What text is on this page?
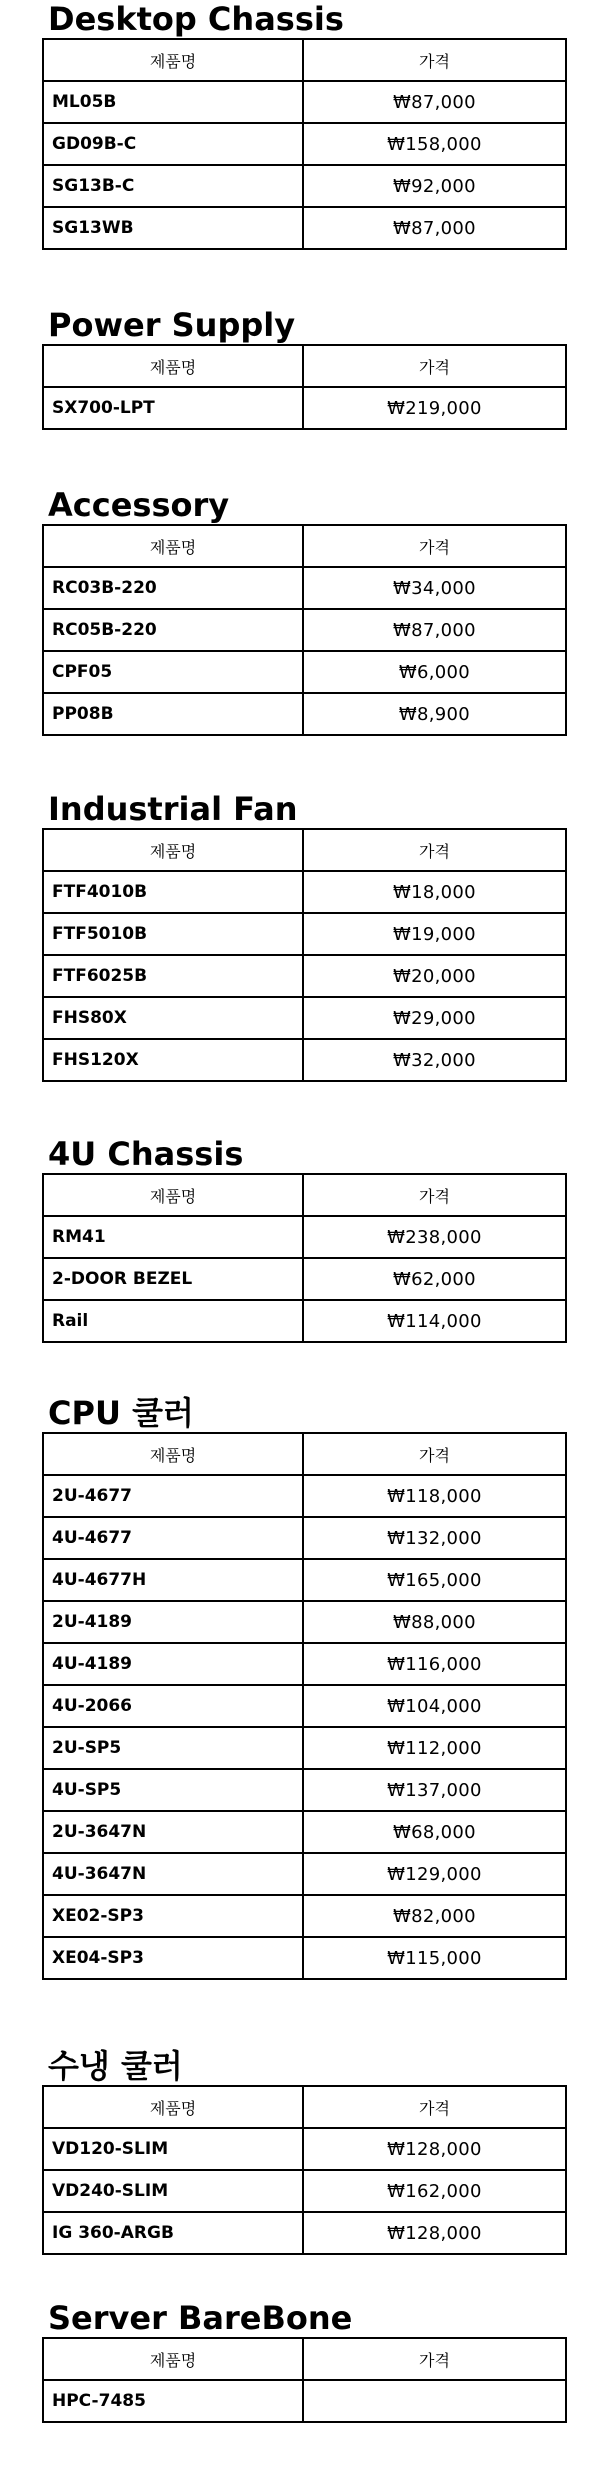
Desktop Chassis
제품명	가격
ML05B	₩87,000
GD09B-C	₩158,000
SG13B-C	₩92,000
SG13WB	₩87,000
Power Supply
제품명	가격
SX700-LPT	₩219,000
Accessory
제품명	가격
RC03B-220	₩34,000
RC05B-220	₩87,000
CPF05	₩6,000
PP08B	₩8,900
Industrial Fan
제품명	가격
FTF4010B	₩18,000
FTF5010B	₩19,000
FTF6025B	₩20,000
FHS80X	₩29,000
FHS120X	₩32,000
4U Chassis
제품명	가격
RM41	₩238,000
2-DOOR BEZEL	₩62,000
Rail	₩114,000
CPU 쿨러
제품명	가격
2U-4677	₩118,000
4U-4677	₩132,000
4U-4677H	₩165,000
2U-4189	₩88,000
4U-4189	₩116,000
4U-2066	₩104,000
2U-SP5	₩112,000
4U-SP5	₩137,000
2U-3647N	₩68,000
4U-3647N	₩129,000
XE02-SP3	₩82,000
XE04-SP3	₩115,000
수냉 쿨러
제품명	가격
VD120-SLIM	₩128,000
VD240-SLIM	₩162,000
IG 360-ARGB	₩128,000
Server BareBone
제품명	가격
HPC-7485	
